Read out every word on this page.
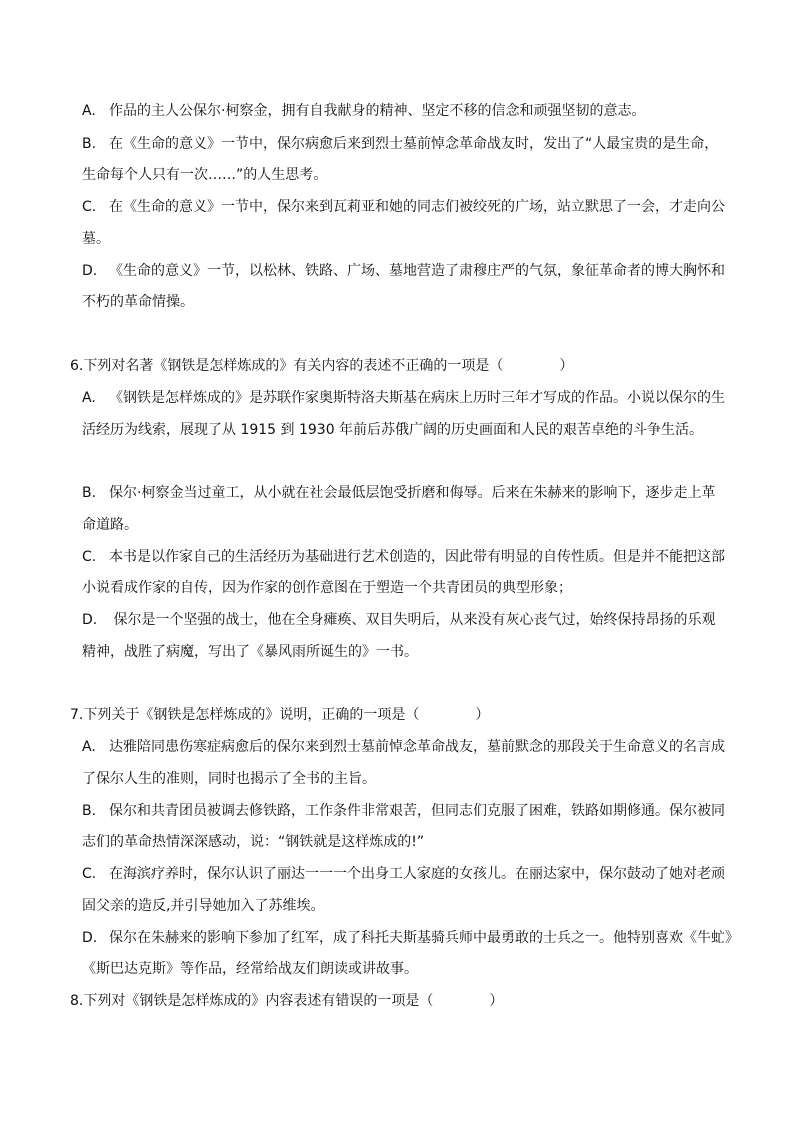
A. 作品的主人公保尔·柯察金，拥有自我献身的精神、坚定不移的信念和顽强坚韧的意志。
B. 在《生命的意义》一节中，保尔病愈后来到烈士墓前悼念革命战友时，发出了“人最宝贵的是生命，
生命每个人只有一次……”的人生思考。
C. 在《生命的意义》一节中，保尔来到瓦莉亚和她的同志们被绞死的广场，站立默思了一会，才走向公
墓。
D. 《生命的意义》一节，以松林、铁路、广场、墓地营造了肃穆庄严的气氛，象征革命者的博大胸怀和
不朽的革命情操。
6.下列对名著《钢铁是怎样炼成的》有关内容的表述不正确的一项是（　　　　）
A. 《钢铁是怎样炼成的》是苏联作家奥斯特洛夫斯基在病床上历时三年才写成的作品。小说以保尔的生
活经历为线索，展现了从 1915 到 1930 年前后苏俄广阔的历史画面和人民的艰苦卓绝的斗争生活。
B. 保尔·柯察金当过童工，从小就在社会最低层饱受折磨和侮辱。后来在朱赫来的影响下，逐步走上革
命道路。
C. 本书是以作家自己的生活经历为基础进行艺术创造的，因此带有明显的自传性质。但是并不能把这部
小说看成作家的自传，因为作家的创作意图在于塑造一个共青团员的典型形象；
D. 保尔是一个坚强的战士，他在全身瘫痪、双目失明后，从来没有灰心丧气过，始终保持昂扬的乐观
精神，战胜了病魔，写出了《暴风雨所诞生的》一书。
7.下列关于《钢铁是怎样炼成的》说明，正确的一项是（　　　　）
A. 达雅陪同患伤寒症病愈后的保尔来到烈士墓前悼念革命战友，墓前默念的那段关于生命意义的名言成
了保尔人生的准则，同时也揭示了全书的主旨。
B. 保尔和共青团员被调去修铁路，工作条件非常艰苦，但同志们克服了困难，铁路如期修通。保尔被同
志们的革命热情深深感动，说：“钢铁就是这样炼成的!”
C. 在海滨疗养时，保尔认识了丽达一一一个出身工人家庭的女孩儿。在丽达家中，保尔鼓动了她对老顽
固父亲的造反,并引导她加入了苏维埃。
D. 保尔在朱赫来的影响下参加了红军，成了科托夫斯基骑兵师中最勇敢的士兵之一。他特别喜欢《牛虻》
《斯巴达克斯》等作品，经常给战友们朗读或讲故事。
8.下列对《钢铁是怎样炼成的》内容表述有错误的一项是（　　　　）
